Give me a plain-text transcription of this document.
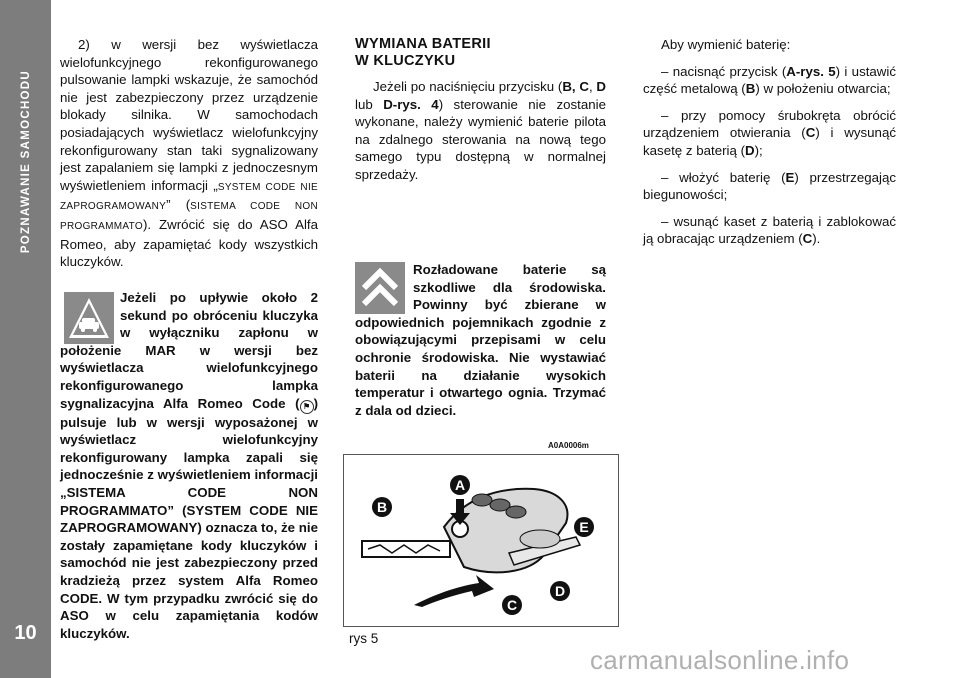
POZNAWANIE SAMOCHODU
10

2) w wersji bez wyświetlacza wielofunkcyjnego rekonfigurowanego pulsowanie lampki wskazuje, że samochód nie jest zabezpieczony przez urządzenie blokady silnika. W samochodach posiadających wyświetlacz wielofunkcyjny rekonfigurowany stan taki sygnalizowany jest zapalaniem się lampki z jednoczesnym wyświetleniem informacji „SYSTEM CODE NIE ZAPROGRAMOWANY” (SISTEMA CODE NON PROGRAMMATO). Zwrócić się do ASO Alfa Romeo, aby zapamiętać kody wszystkich kluczyków.

Jeżeli po upływie około 2 sekund po obróceniu kluczyka w wyłączniku zapłonu w położenie MAR w wersji bez wyświetlacza wielofunkcyjnego rekonfigurowanego lampka sygnalizacyjna Alfa Romeo Code ( ⚑ ) pulsuje lub w wersji wyposażonej w wyświetlacz wielofunkcyjny rekonfigurowany lampka zapali się jednocześnie z wyświetleniem informacji „SISTEMA CODE NON PROGRAMMATO” (SYSTEM CODE NIE ZAPROGRAMOWANY) oznacza to, że nie zostały zapamiętane kody kluczyków i samochód nie jest zabezpieczony przed kradzieżą przez system Alfa Romeo CODE. W tym przypadku zwrócić się do ASO w celu zapamiętania kodów kluczyków.
WYMIANA BATERII
W KLUCZYKU

Jeżeli po naciśnięciu przycisku (B, C, D lub D-rys. 4) sterowanie nie zostanie wykonane, należy wymienić baterie pilota na zdalnego sterowania na nową tego samego typu dostępną w normalnej sprzedaży.

Rozładowane baterie są szkodliwe dla środowiska. Powinny być zbierane w odpowiednich pojemnikach zgodnie z obowiązującymi przepisami w celu ochronie środowiska. Nie wystawiać baterii na działanie wysokich temperatur i otwartego ognia. Trzymać z dala od dzieci.
A0A0006m
A
B
C
D
E
rys 5

Aby wymienić baterię:

– nacisnąć przycisk (A-rys. 5) i ustawić część metalową (B) w położeniu otwarcia;

– przy pomocy śrubokręta obrócić urządzeniem otwierania (C) i wysunąć kasetę z baterią (D);

– włożyć baterię (E) przestrzegając biegunowości;

– wsunąć kaset z baterią i zablokować ją obracając urządzeniem (C).

carmanualsonline.info
